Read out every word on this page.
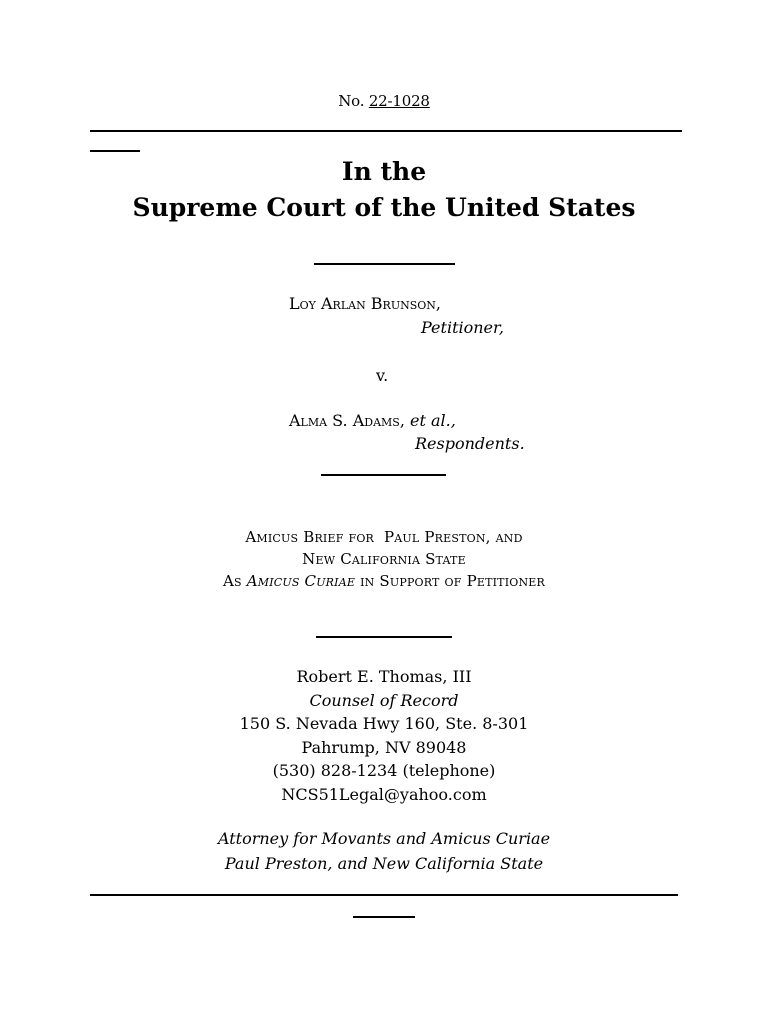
No. 22-1028
In the
Supreme Court of the United States
Loy Arlan Brunson,
Petitioner,
v.
Alma S. Adams, et al.,
Respondents.
Amicus Brief for  Paul Preston, and
New California State
As Amicus Curiae in Support of Petitioner
Robert E. Thomas, III
Counsel of Record
150 S. Nevada Hwy 160, Ste. 8-301
Pahrump, NV 89048
(530) 828-1234 (telephone)
NCS51Legal@yahoo.com
Attorney for Movants and Amicus Curiae
Paul Preston, and New California State
